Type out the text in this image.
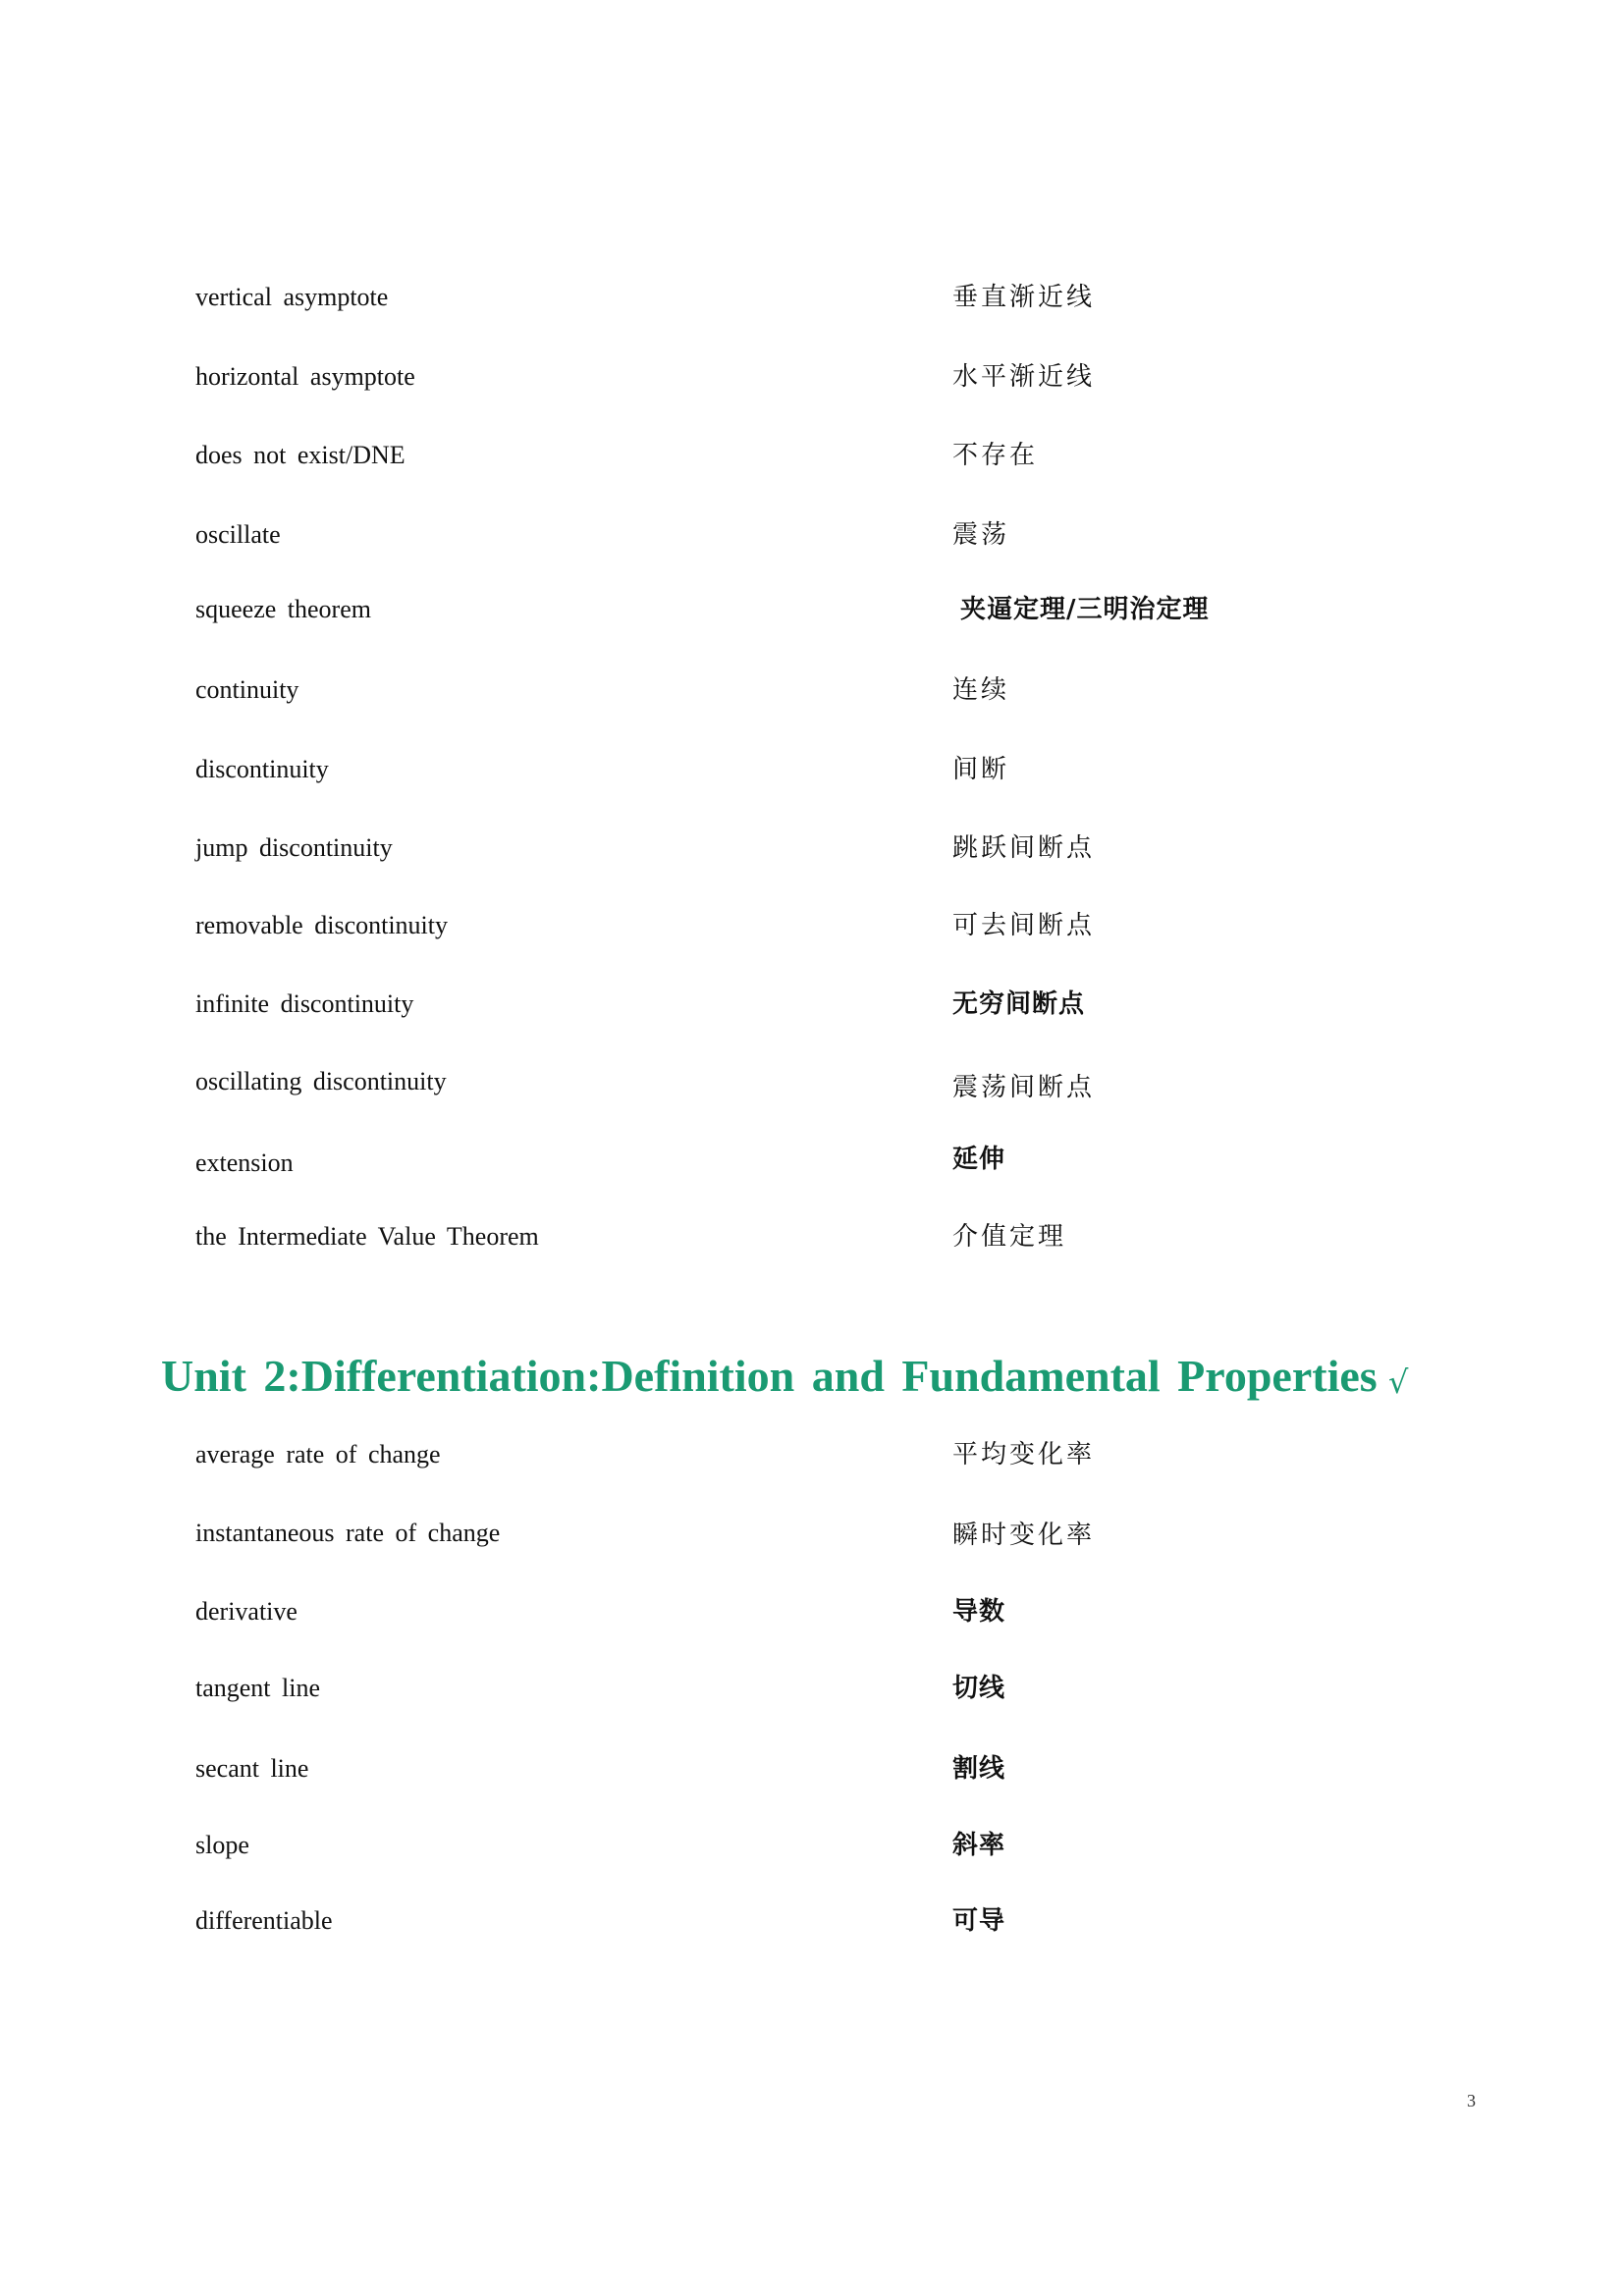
vertical asymptote	垂直渐近线
horizontal asymptote	水平渐近线
does not exist/DNE	不存在
oscillate	震荡
squeeze theorem	夹逼定理/三明治定理
continuity	连续
discontinuity	间断
jump discontinuity	跳跃间断点
removable discontinuity	可去间断点
infinite discontinuity	无穷间断点
oscillating discontinuity	震荡间断点
extension	延伸
the Intermediate Value Theorem	介值定理
Unit 2:Differentiation:Definition and Fundamental Properties √
average rate of change	平均变化率
instantaneous rate of change	瞬时变化率
derivative	导数
tangent line	切线
secant line	割线
slope	斜率
differentiable	可导
3
